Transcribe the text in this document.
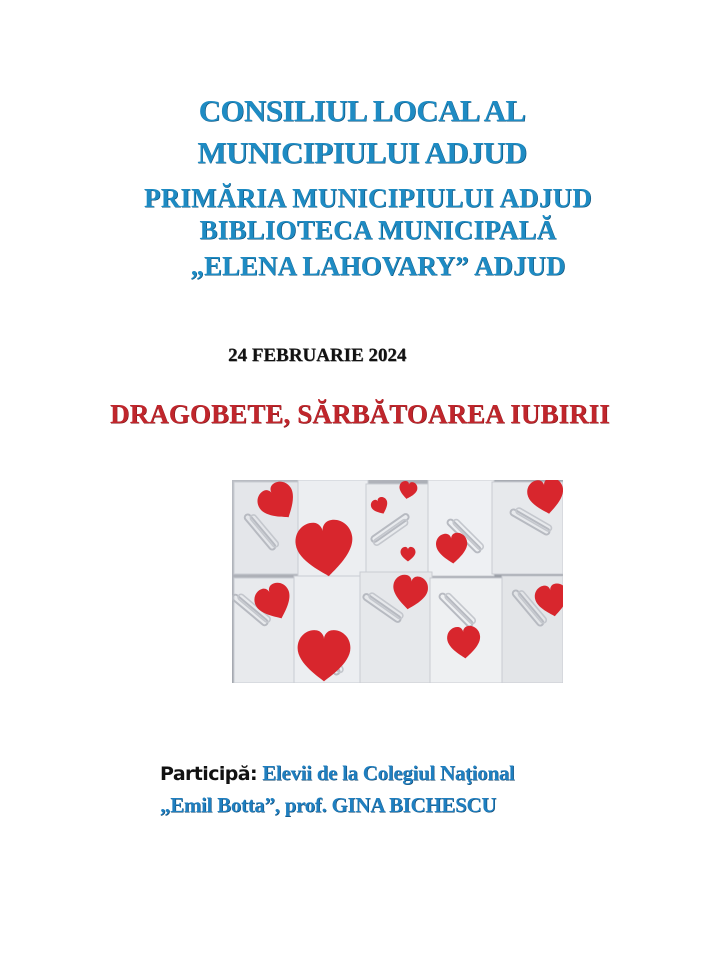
CONSILIUL LOCAL AL
MUNICIPIULUI ADJUD
PRIMĂRIA MUNICIPIULUI ADJUD
BIBLIOTECA MUNICIPALĂ
„ELENA LAHOVARY” ADJUD

24 FEBRUARIE 2024

DRAGOBETE, SĂRBĂTOAREA IUBIRII

Participă: Elevii de la Colegiul Naţional
„Emil Botta”, prof. GINA BICHESCU
